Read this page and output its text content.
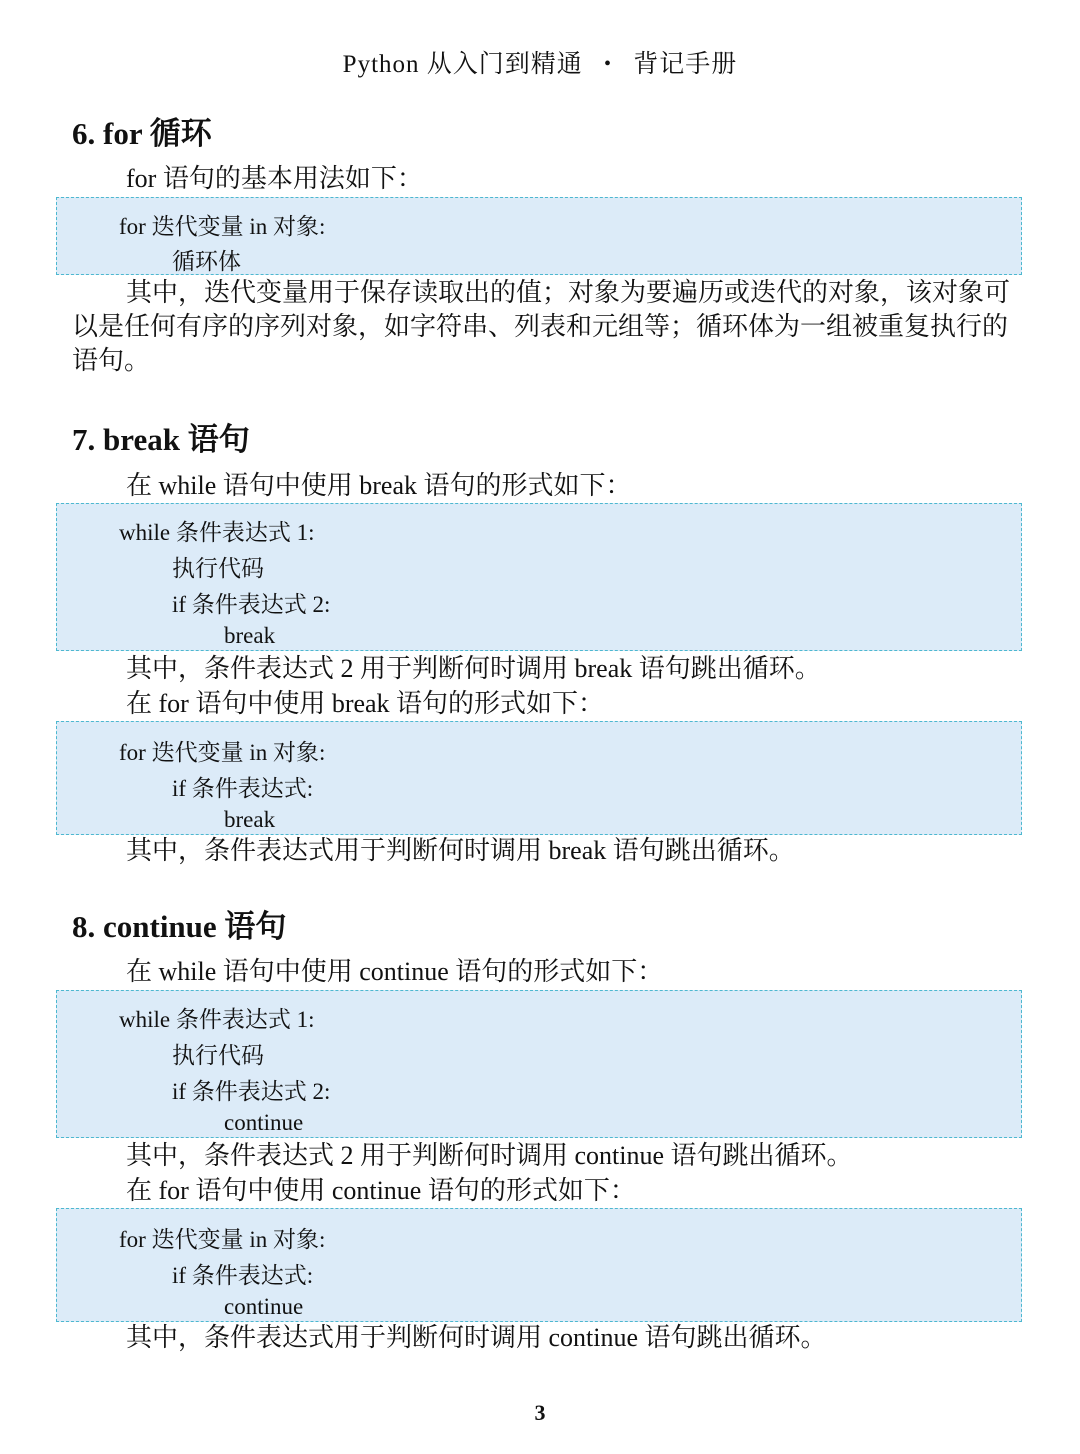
Python 从入门到精通 • 背记手册
6. for 循环
for 语句的基本用法如下：
for 迭代变量 in 对象:
循环体
其中，迭代变量用于保存读取出的值；对象为要遍历或迭代的对象，该对象可以是任何有序的序列对象，如字符串、列表和元组等；循环体为一组被重复执行的语句。
7. break 语句
在 while 语句中使用 break 语句的形式如下：
while 条件表达式 1:
执行代码
if 条件表达式 2:
break
其中，条件表达式 2 用于判断何时调用 break 语句跳出循环。
在 for 语句中使用 break 语句的形式如下：
for 迭代变量 in 对象:
if 条件表达式:
break
其中，条件表达式用于判断何时调用 break 语句跳出循环。
8. continue 语句
在 while 语句中使用 continue 语句的形式如下：
while 条件表达式 1:
执行代码
if 条件表达式 2:
continue
其中，条件表达式 2 用于判断何时调用 continue 语句跳出循环。
在 for 语句中使用 continue 语句的形式如下：
for 迭代变量 in 对象:
if 条件表达式:
continue
其中，条件表达式用于判断何时调用 continue 语句跳出循环。
3
